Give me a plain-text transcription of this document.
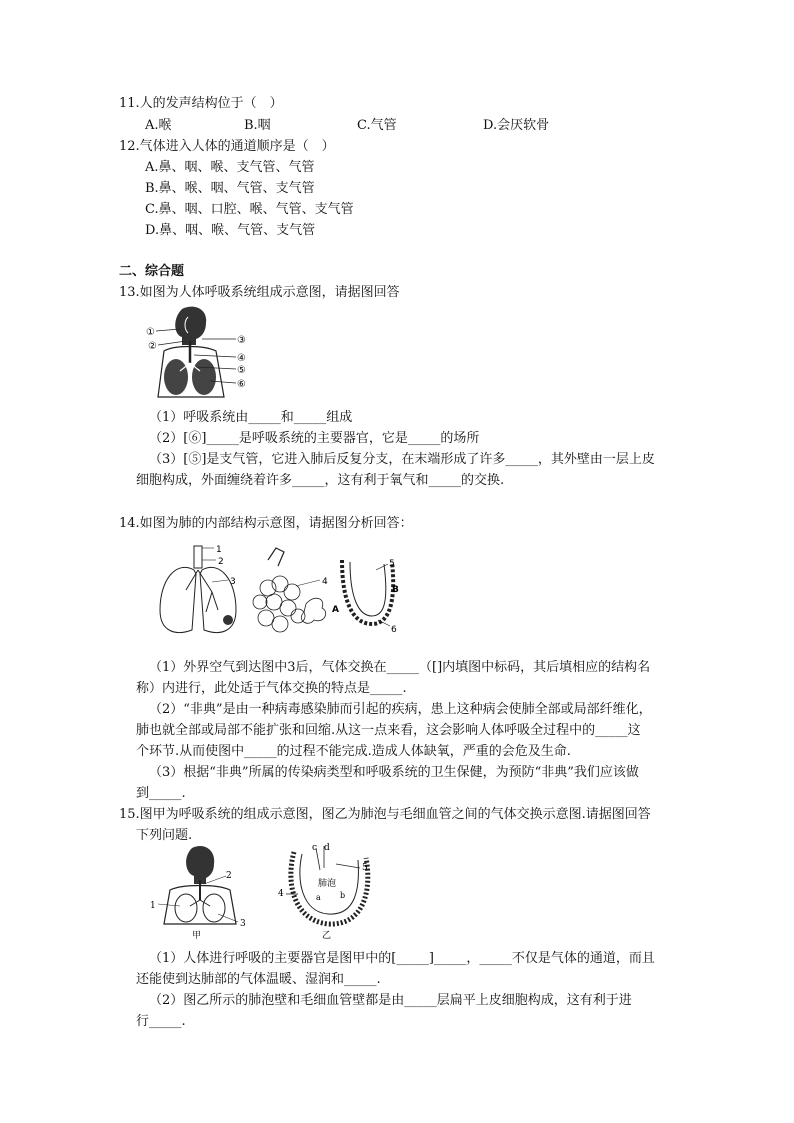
11.人的发声结构位于（　）
A.喉	B.咽	C.气管	D.会厌软骨
12.气体进入人体的通道顺序是（　）
A.鼻、咽、喉、支气管、气管
B.鼻、喉、咽、气管、支气管
C.鼻、咽、口腔、喉、气管、支气管
D.鼻、咽、喉、气管、支气管
二、综合题
13.如图为人体呼吸系统组成示意图，请据图回答
①
②
③
④
⑤
⑥
（1）呼吸系统由_____和_____组成
（2）[⑥]_____是呼吸系统的主要器官，它是_____的场所
（3）[⑤]是支气管，它进入肺后反复分支，在末端形成了许多_____，其外壁由一层上皮
细胞构成，外面缠绕着许多_____，这有利于氧气和_____的交换.
14.如图为肺的内部结构示意图，请据图分析回答：
1
2
3	4
5
B
A
6
（1）外界空气到达图中3后，气体交换在_____（[]内填图中标码，其后填相应的结构名
称）内进行，此处适于气体交换的特点是_____.
（2）“非典”是由一种病毒感染肺而引起的疾病，患上这种病会使肺全部或局部纤维化，
肺也就全部或局部不能扩张和回缩.从这一点来看，这会影响人体呼吸全过程中的_____这
个环节.从而使图中_____的过程不能完成.造成人体缺氧，严重的会危及生命.
（3）根据“非典”所属的传染病类型和呼吸系统的卫生保健，为预防“非典”我们应该做
到_____.
15.图甲为呼吸系统的组成示意图，图乙为肺泡与毛细血管之间的气体交换示意图.请据图回答
下列问题.
2
1
3
甲
c d
4
5
a b
肺泡
乙
（1）人体进行呼吸的主要器官是图甲中的[_____]_____，_____不仅是气体的通道，而且
还能使到达肺部的气体温暖、湿润和_____.
（2）图乙所示的肺泡壁和毛细血管壁都是由_____层扁平上皮细胞构成，这有利于进
行_____.
